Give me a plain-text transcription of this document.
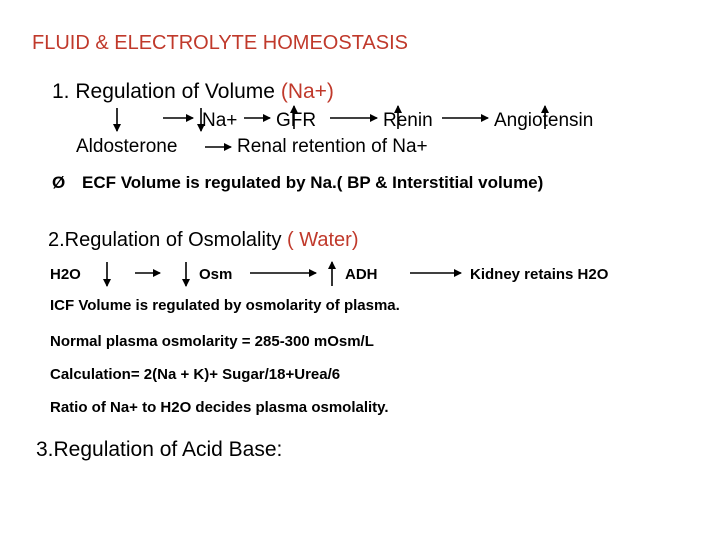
FLUID & ELECTROLYTE HOMEOSTASIS
1. Regulation of Volume (Na+)
Na+ GFR	Renin	Angiotensin
Aldosterone	Renal retention of Na+
Ø ECF Volume is regulated by Na.( BP & Interstitial volume)
2.Regulation of Osmolality ( Water)
H2O	Osm	ADH	Kidney retains H2O
ICF Volume is regulated by osmolarity of plasma.
Normal plasma osmolarity = 285-300 mOsm/L
Calculation= 2(Na + K)+ Sugar/18+Urea/6
Ratio of Na+ to H2O decides plasma osmolality.
3.Regulation of Acid Base:
